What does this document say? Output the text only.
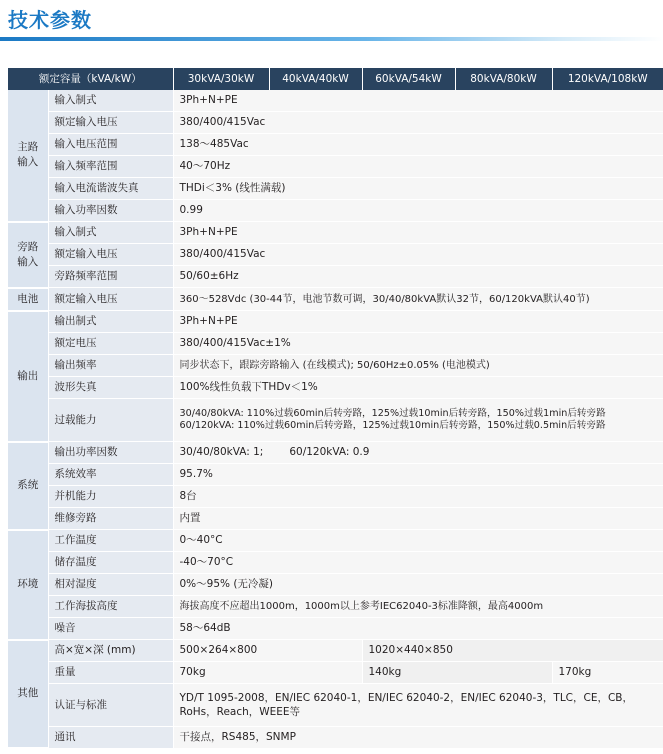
技术参数
额定容量（kVA/kW）		30kVA/30kW	40kVA/40kW	60kVA/54kW	80kVA/80kW	120kVA/108kW
主路输入	输入制式	3Ph+N+PE				
	额定输入电压	380/400/415Vac				
	输入电压范围	138～485Vac				
	输入频率范围	40～70Hz				
	输入电流谐波失真	THDi＜3% (线性满载)				
	输入功率因数	0.99				
旁路输入	输入制式	3Ph+N+PE				
	额定输入电压	380/400/415Vac				
	旁路频率范围	50/60±6Hz				
电池	额定输入电压	360～528Vdc (30-44节，电池节数可调，30/40/80kVA默认32节，60/120kVA默认40节)				
输出	输出制式	3Ph+N+PE				
	额定电压	380/400/415Vac±1%				
	输出频率	同步状态下，跟踪旁路输入 (在线模式); 50/60Hz±0.05% (电池模式)				
	波形失真	100%线性负载下THDv＜1%				
	过载能力	30/40/80kVA: 110%过载60min后转旁路，125%过载10min后转旁路，150%过载1min后转旁路
60/120kVA: 110%过载60min后转旁路，125%过载10min后转旁路，150%过载0.5min后转旁路				

系统	输出功率因数	30/40/80kVA: 1; 60/120kVA: 0.9				
	系统效率	95.7%				
	并机能力	8台				
	维修旁路	内置				
环境	工作温度	0～40°C				
	储存温度	-40～70°C				
	相对湿度	0%～95% (无冷凝)				
	工作海拔高度	海拔高度不应超出1000m，1000m以上参考IEC62040-3标准降额，最高4000m				
	噪音	58～64dB				
其他	高×宽×深 (mm)	500×264×800		1020×440×850		
	重量	70kg		140kg		170kg
	认证与标准	YD/T 1095-2008，EN/IEC 62040-1，EN/IEC 62040-2，EN/IEC 62040-3，TLC，CE，CB，RoHs，Reach，WEEE等				
	通讯	干接点，RS485，SNMP				
